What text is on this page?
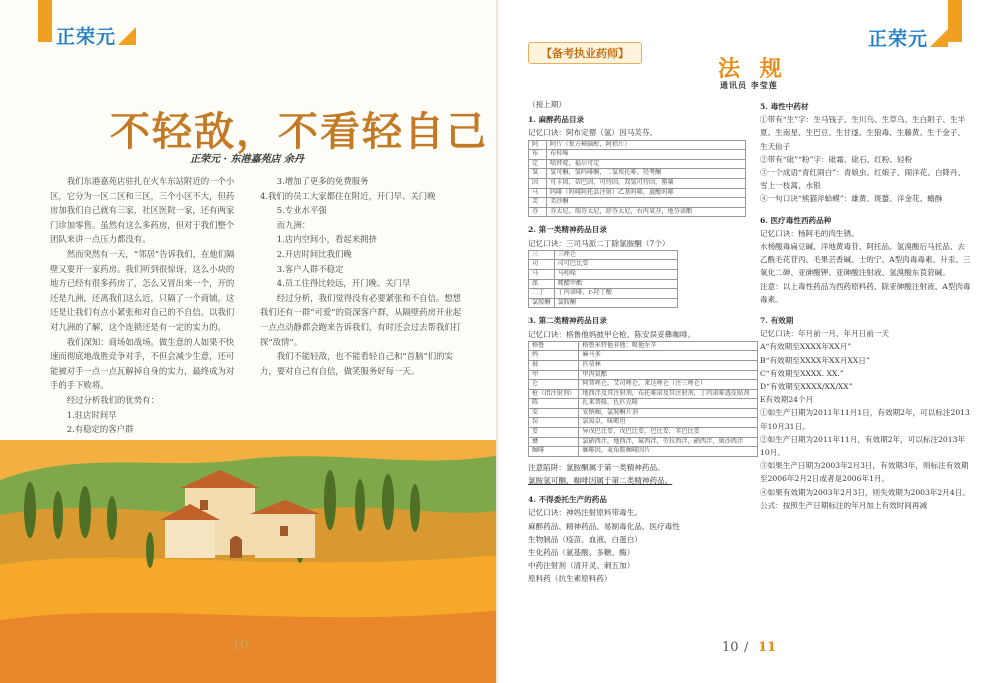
正荣元
不轻敌，不看轻自己
正荣元 · 东港嘉苑店 余丹

我们东港嘉苑店驻扎在火车东站附近的一个小区，它分为一区二区和三区，三个小区不大，但药房加我们自己就有三家，社区医院一家，还有两家门诊加零售。虽然有这么多药房，但对于我们整个团队来讲一点压力都没有。

然而突然有一天，“邻居”告诉我们，在他们隔壁又要开一家药房。我们听到很惊讶，这么小块的地方已经有很多药房了，怎么又冒出来一个，开的还是九洲，还离我们这么近，只隔了一个商铺。这还是让我们有点小紧张和对自己的不自信。以我们对九洲的了解，这个连锁还是有一定的实力的。

我们深知：商场如战场。做生意的人如果不快速而彻底地战胜竞争对手，不但会减少生意，还可能被对手一点一点瓦解掉自身的实力，最终成为对手的手下败将。

经过分析我们的优势有：

1.驻店时间早

2.有稳定的客户群

3.增加了更多的免费服务

4.我们的员工大家都住在附近，开门早、关门晚

5.专业水平强

而九洲：

1.店内空间小，看起来拥挤

2.开店时间比我们晚

3.客户人群不稳定

4.员工住得比较远，开门晚、关门早

经过分析，我们觉得没有必要紧张和不自信。想想我们还有一群“可爱”的资深客户群，从隔壁药房开业起一点点动静都会跑来告诉我们，有时还会过去帮我们打探“敌情”。

我们不能轻敌，也不能看轻自己和“首脑”们的实力，要对自己有自信，做笑服务好每一天。

10
正荣元
【备考执业药师】
法 规
通讯员 李莹莲
（接上期）
1. 麻醉药品目录
记忆口诀：阿布定罂（氢）因马芙芬。
阿	阿片（复方樟脑酊，阿桔片）
布	布桂嗪
定	喷替啶，福尔可定
氢	氢可酮，氢吗啡酮，二氢埃托啡，羟考酮
因	可卡因，蒂巴因，可待因，双氢可待因，罂粟
马	吗啡（吗啡阿托品注射）乙基吗啡，旋酸吗啡
芙	美沙酮
芬	芬太尼，瑞芬太尼，舒芬太尼，右丙氧芬，地芬诺酯
2. 第一类精神药品目录
记忆口诀：三司马派二丁除氯胺酮（7个）
三	三唑仑
司	司可巴比妥
马	马吲哚
派	哌醋甲酯
二丁	丁丙诺啡，r-羟丁酸
氯胺酮	氯胺酮
3. 第二类精神药品目录
记忆口诀：格鲁他妈披甲仑枪，陈安误妥彝咖啡。
格鲁	格鲁米特他非他：喷他左辛
妈	麻马多
披	匹莫林
甲	甲丙氨酯
仑	阿普唑仑，艾司唑仑，来达唑仑（注三唑仑）
枪（指注射剂）	地西泮及其注射剂，布托啡诺及其注射剂，丁丙诺啡透皮贴剂
陈	扎来普隆，佐匹克隆
安	安钠咖，氯胺酮片剂
误	氯氮卓，咪哌坦
妥	异戊巴比妥，戊巴比妥，巴比妥，苯巴比妥
彝	氯硝西泮，地西泮，氟西泮，劳拉西泮，硝西泮，奥沙西泮
咖啡	咖啡因，麦角胺咖啡因片
注意陷阱：氯胺酮属于第一类精神药品。
氯胺氢可酮、咖啡因属于第二类精神药品。
4. 不得委托生产的药品
记忆口诀：神妈注射原料带毒生。
麻醉药品、精神药品、易制毒化品、医疗毒性
生物制品（疫苗、血液、白蛋白）
生化药品（氨基酸、多糖、酶）
中药注射剂（清开灵、刺五加）
原料药（抗生素原料药）
5. 毒性中药材
①带有“生”字：生马钱子、生川乌、生草乌、生白附子、生半夏、生南星、生巴豆、生甘遂、生狼毒、生藤黄、生千金子、生天仙子
②带有“砒”“粉”字：砒霜、砒石、红粉、轻粉
③一个成语“青红闹白”：青娘虫、红娘子、闹洋花、白降丹、雪上一枝蒿、水银
④一句口诀“熊猫斧蛤蟆”：雄黄、斑蝥、洋金花、蟾酥
6. 医疗毒性西药品种
记忆口诀：杨阿毛的肉生锈。
水杨酸毒扁豆碱、洋地黄毒苷、阿托品、氢溴酸后马托品、去乙酰毛花苷丙、毛果芸香碱、士的宁、A型肉毒毒素、升汞、三氧化二砷、亚砷酸钾、亚砷酸注射液、氢溴酸东莨菪碱。
注意：以上毒性药品为西药原料药，除亚砷酸注射液、A型肉毒毒素。
7. 有效期
记忆口诀：年月前一月、年月日前一天
A“有效期至XXXX年XX月”
B“有效期至XXXX年XX月XX日”
C“有效期至XXXX. XX.”
D“有效期至XXXX/XX/XX”
E有效期24个月
①如生产日期为2011年11月1日，有效期2年，可以标注2013年10月31日。
②如生产日期为2011年11月，有效期2年，可以标注2013年10月。
③如果生产日期为2003年2月3日，有效期3年，则标注有效期至2006年2月2日或者是2006年1月。
④如果有效期为2003年2月3日，则失效期为2003年2月4日。
公式：按照生产日期标注的年月加上有效时间再减
10 / 11
